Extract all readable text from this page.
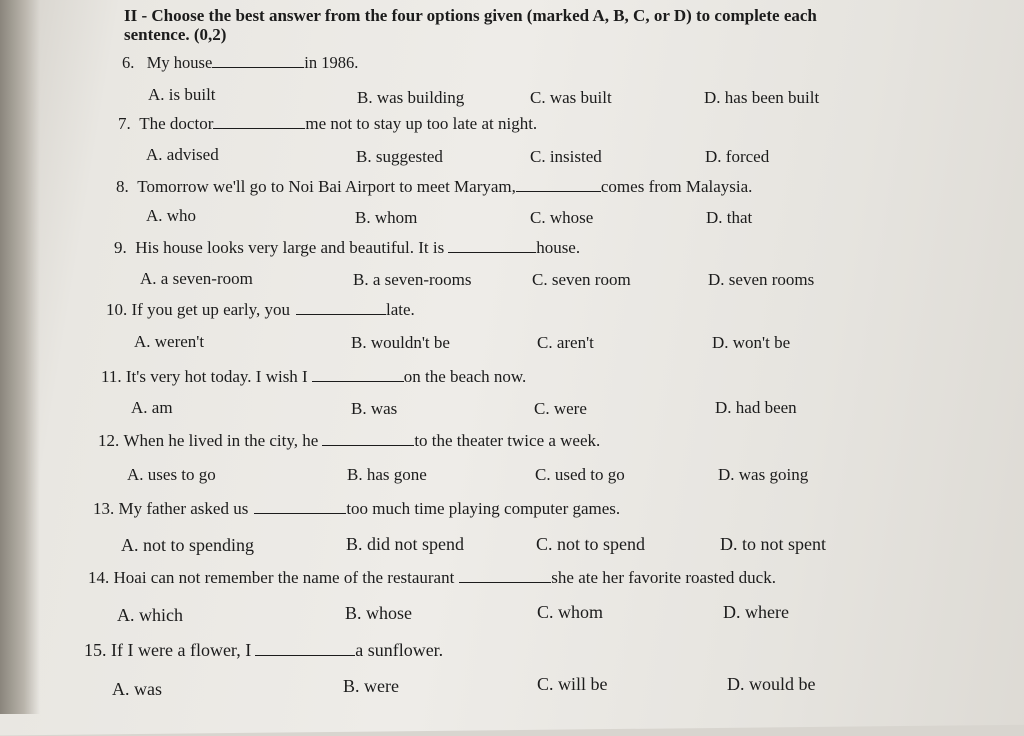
II - Choose the best answer from the four options given (marked A, B, C, or D) to complete each
sentence. (0,2)
6. My house	in 1986.
A. is built	B. was building	C. was built	D. has been built
7. The doctor	me not to stay up too late at night.
A. advised	B. suggested	C. insisted	D. forced
8. Tomorrow we'll go to Noi Bai Airport to meet Maryam,	comes from Malaysia.
A. who	B. whom	C. whose	D. that
9. His house looks very large and beautiful. It is	house.
A. a seven-room	B. a seven-rooms	C. seven room	D. seven rooms
10. If you get up early, you	late.
A. weren't	B. wouldn't be	C. aren't	D. won't be
11. It's very hot today. I wish I	on the beach now.
A. am	B. was	C. were	D. had been
12. When he lived in the city, he	to the theater twice a week.
A. uses to go	B. has gone	C. used to go	D. was going
13. My father asked us	too much time playing computer games.
A. not to spending	B. did not spend	C. not to spend	D. to not spent
14. Hoai can not remember the name of the restaurant	she ate her favorite roasted duck.
A. which	B. whose	C. whom	D. where
15. If I were a flower, I	a sunflower.
A. was	B. were	C. will be	D. would be
